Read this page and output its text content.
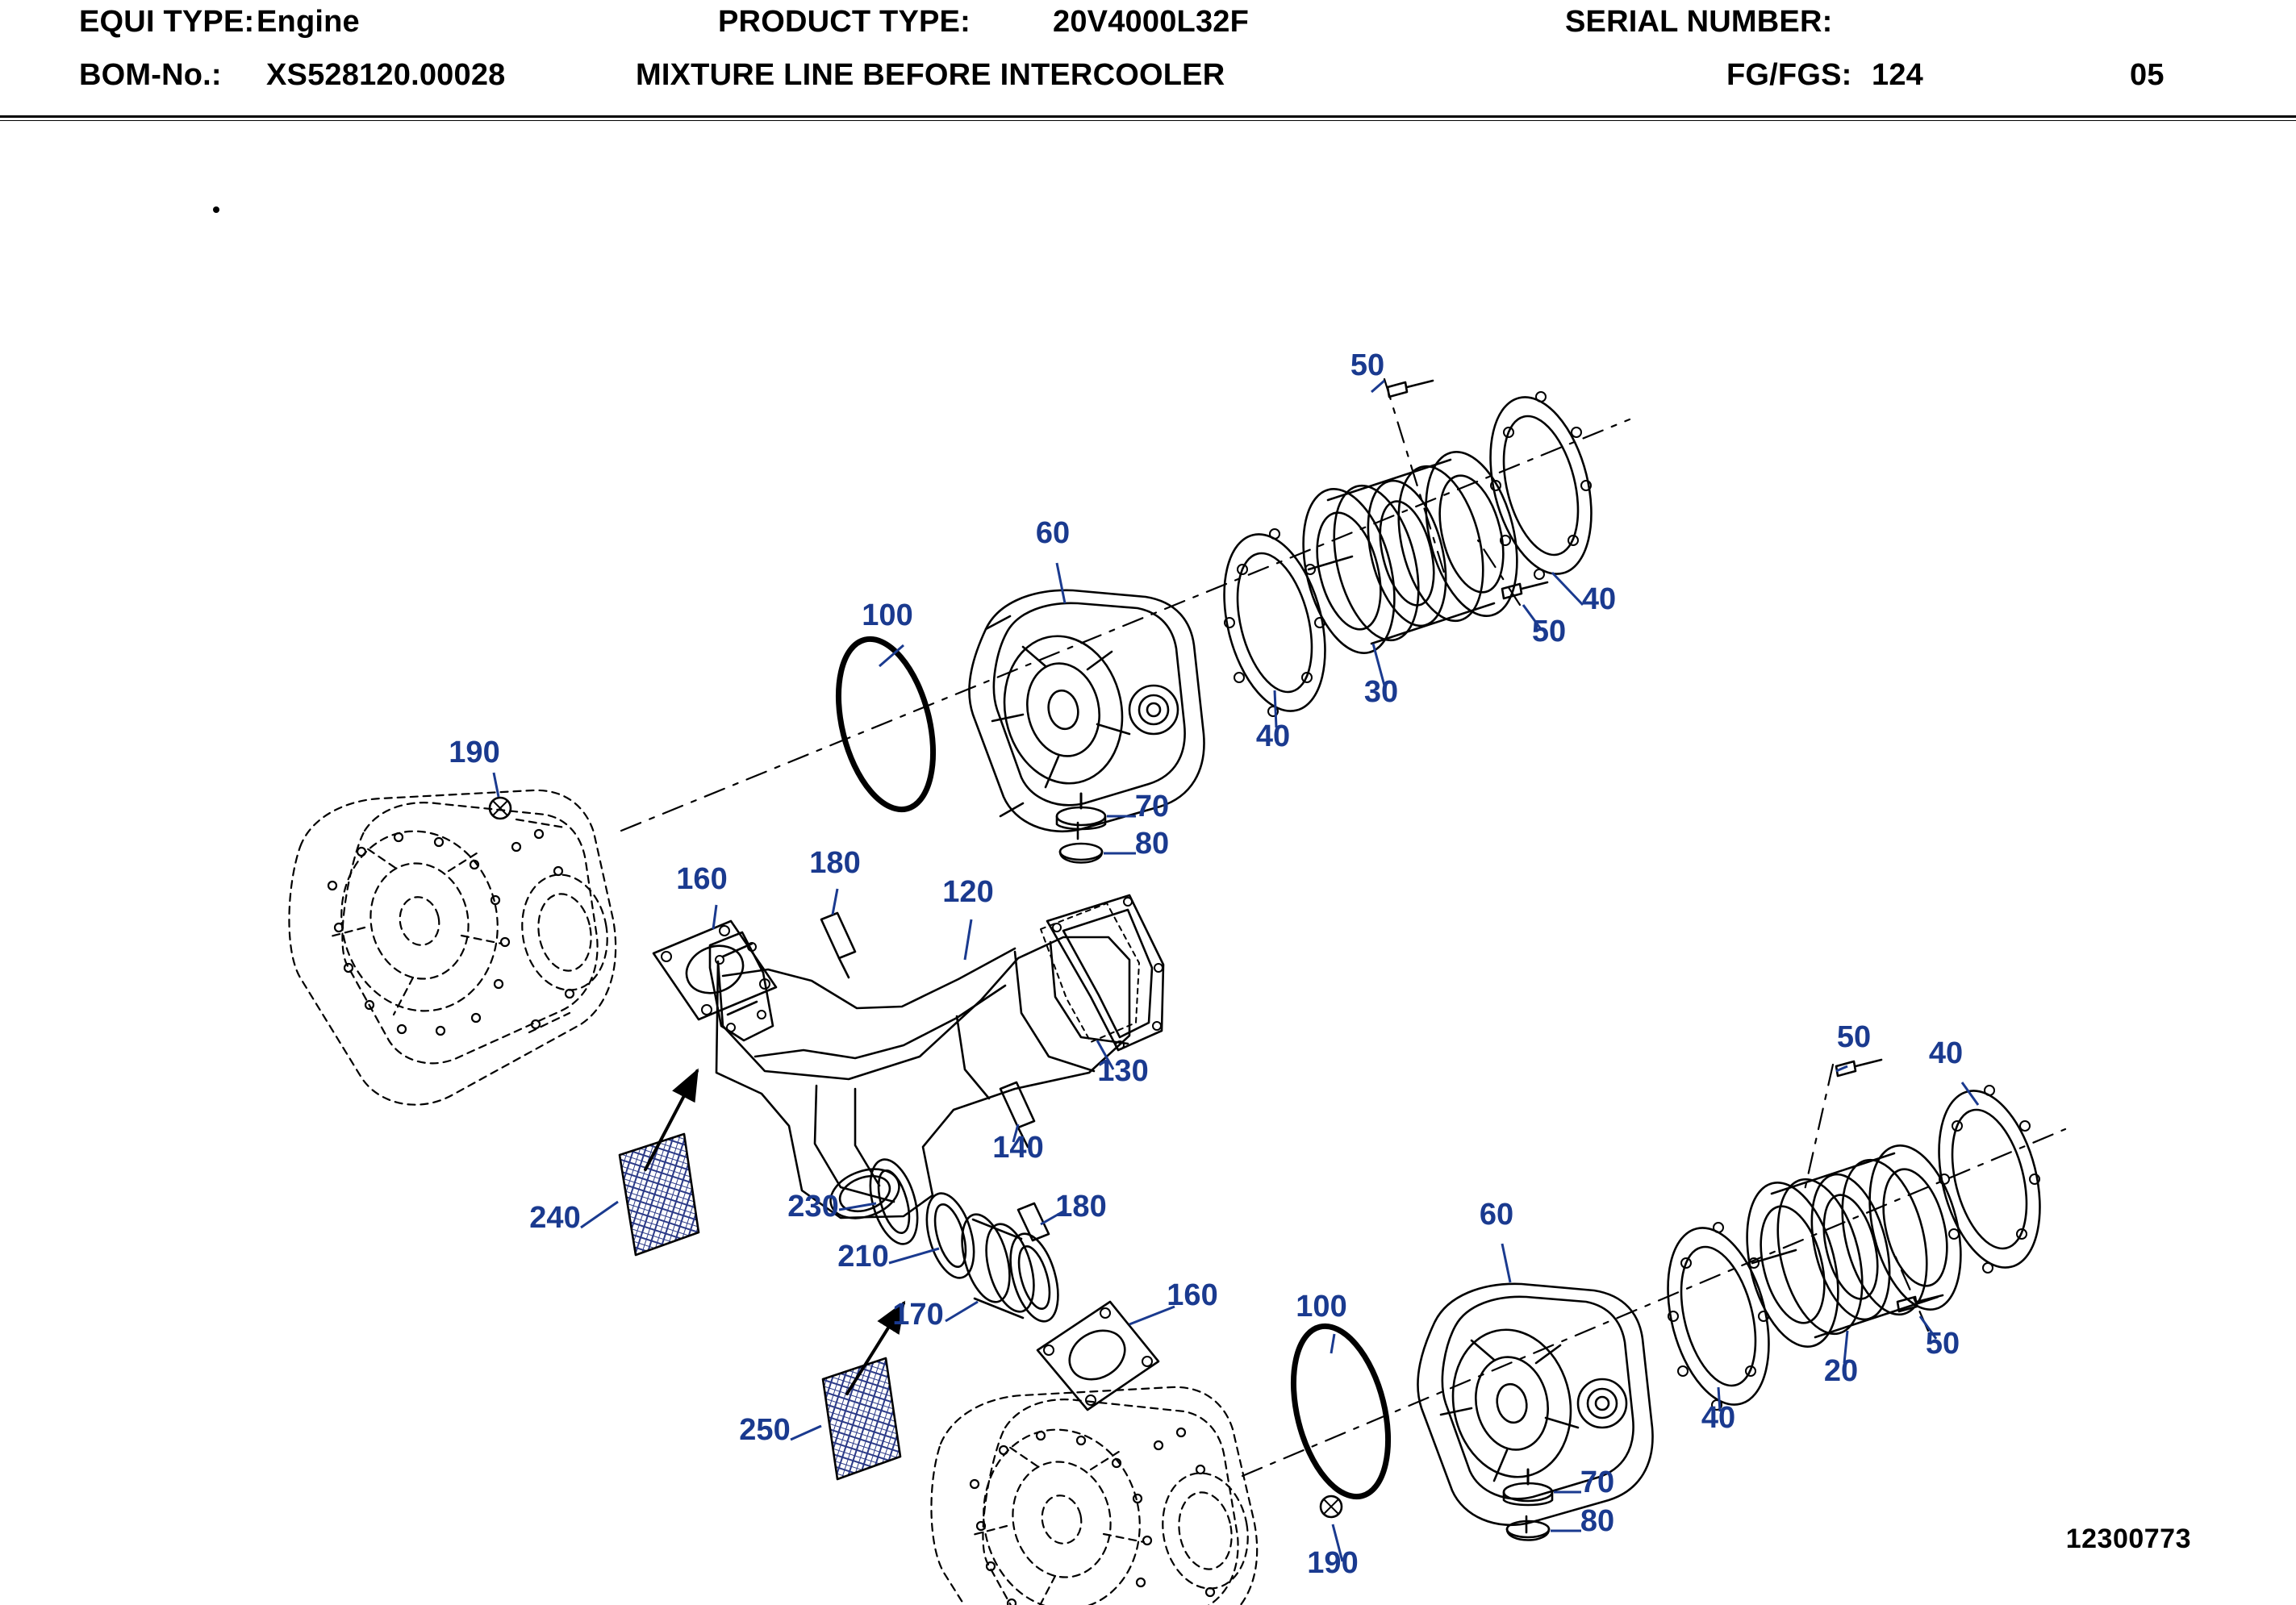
EQUI TYPE: Engine	PRODUCT TYPE:	20V4000L32F	SERIAL NUMBER:
BOM-No.: XS528120.00028	MIXTURE LINE BEFORE INTERCOOLER	FG/FGS: 124	05
50
60
100	40
50
30
40
190
70
80
160	180
120
130
140
240	230	180
210
170
160	100
50 40
60
20
50
40
250
70
80
190
12300773
